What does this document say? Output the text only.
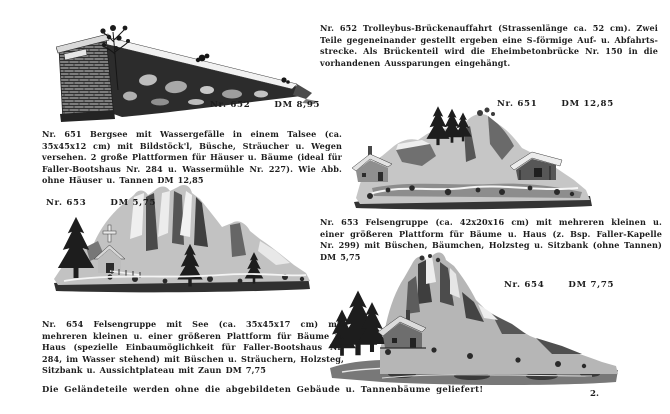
Nr. 652	DM 8,95	Nr. 651	DM 12,85
Nr. 653	DM 5,75
Nr. 654	DM 7,75

Nr. 652 Trolleybus-Brückenauffahrt (Strassenlänge ca. 52 cm). Zwei Teile gegeneinander gestellt ergeben eine S-förmige Auf- u. Abfahrts-strecke. Als Brückenteil wird die Eheimbetonbrücke Nr. 150 in die vorhandenen Aussparungen eingehängt.

Nr. 651 Bergsee mit Wassergefälle in einem Talsee (ca. 35x45x12 cm) mit Bildstöck'l, Büsche, Sträucher u. Wegen versehen. 2 große Plattformen für Häuser u. Bäume (ideal für Faller-Bootshaus Nr. 284 u. Wassermühle Nr. 227). Wie Abb. ohne Häuser u. Tannen DM 12,85

Nr. 653 Felsengruppe (ca. 42x20x16 cm) mit mehreren kleinen u. einer größeren Plattform für Bäume u. Haus (z. Bsp. Faller-Kapelle Nr. 299) mit Büschen, Bäumchen, Holzsteg u. Sitzbank (ohne Tannen) DM 5,75

Nr. 654 Felsengruppe mit See (ca. 35x45x17 cm) mit mehreren kleinen u. einer größeren Plattform für Bäume u. Haus (spezielle Einbaumöglichkeit für Faller-Bootshaus Nr. 284, im Wasser stehend) mit Büschen u. Sträuchern, Holzsteg, Sitzbank u. Aussichtplateau mit Zaun DM 7,75

Die Geländeteile werden ohne die abgebildeten Gebäude u. Tannenbäume geliefert!	2.
